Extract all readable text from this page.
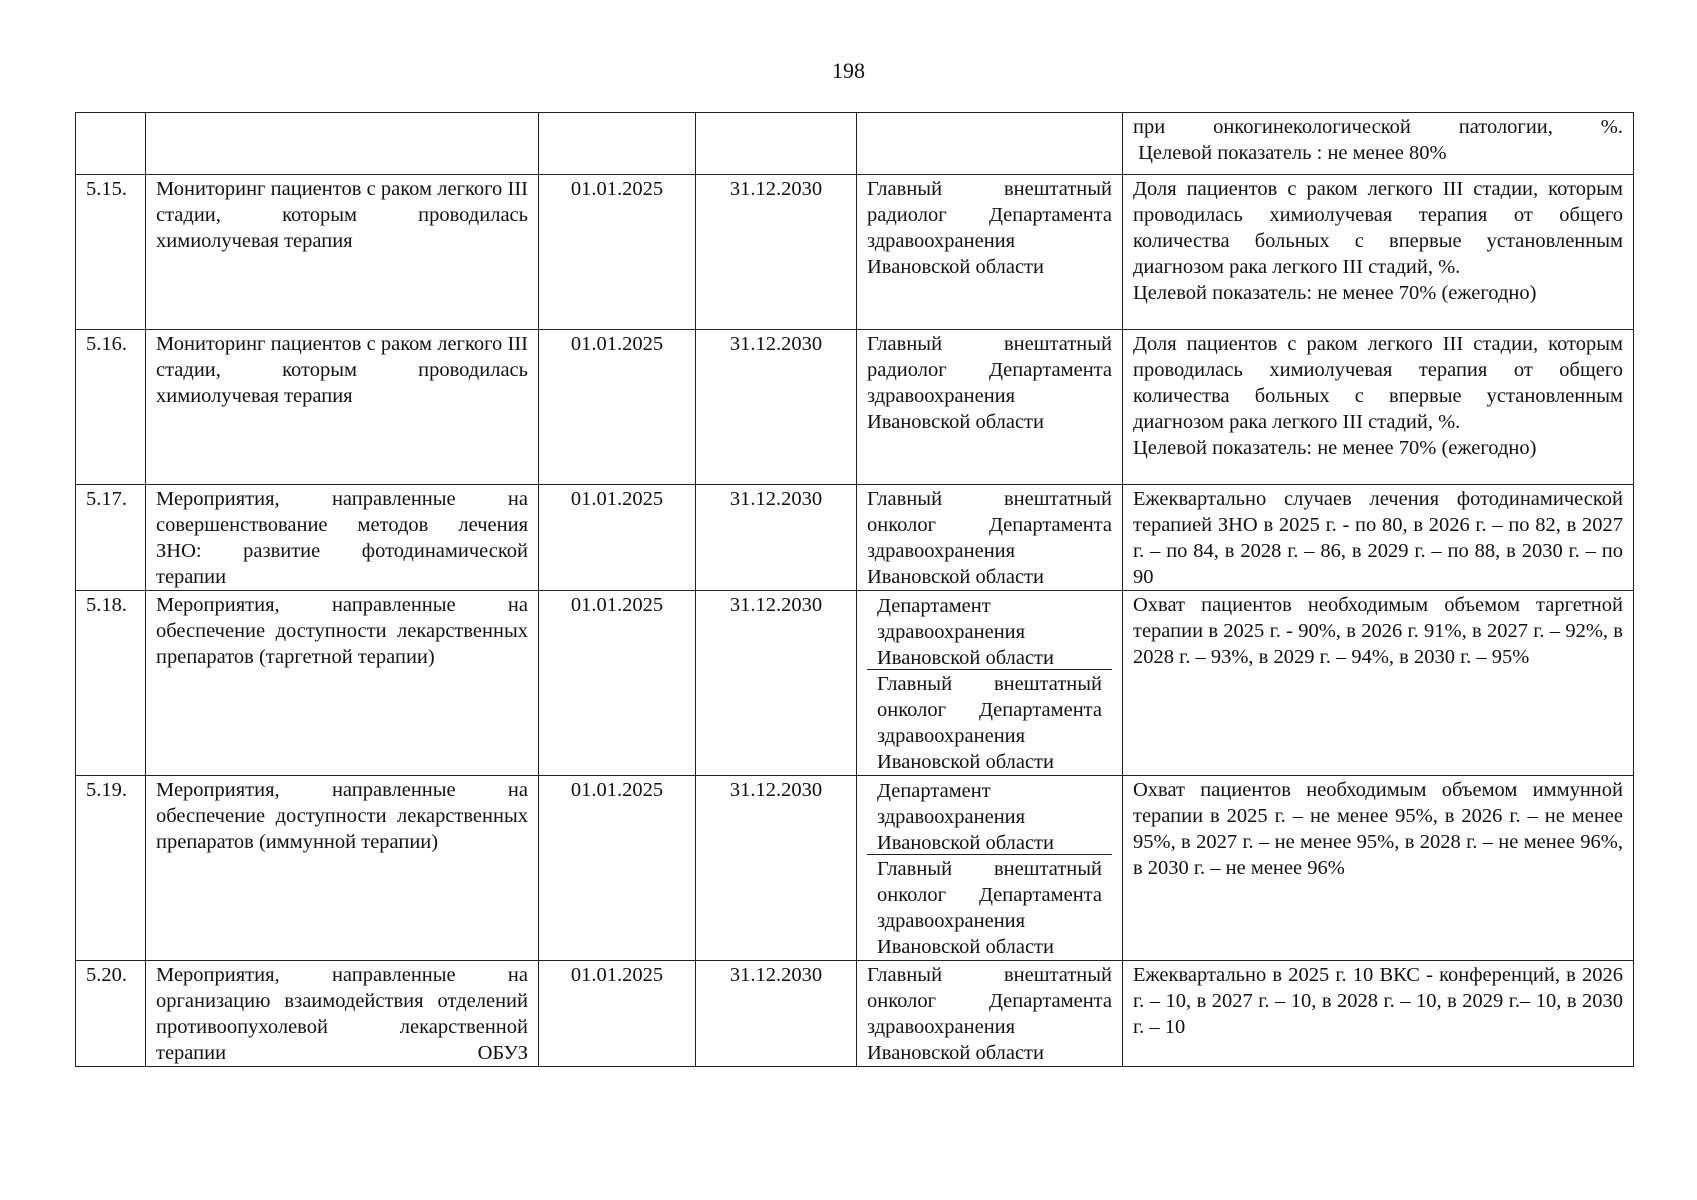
198

					при онкогинекологической патологии, %.
Целевой показатель : не менее 80%

5.15.	Мониторинг пациентов с раком легкого III стадии, которым проводилась химиолучевая терапия	01.01.2025	31.12.2030	Главный внештатный радиолог Департамента здравоохранения Ивановской области	Доля пациентов с раком легкого III стадии, которым проводилась химиолучевая терапия от общего количества больных с впервые установленным диагнозом рака легкого III стадий, %.
Целевой показатель: не менее 70% (ежегодно)

5.16.	Мониторинг пациентов с раком легкого III стадии, которым проводилась химиолучевая терапия	01.01.2025	31.12.2030	Главный внештатный радиолог Департамента здравоохранения Ивановской области	Доля пациентов с раком легкого III стадии, которым проводилась химиолучевая терапия от общего количества больных с впервые установленным диагнозом рака легкого III стадий, %.
Целевой показатель: не менее 70% (ежегодно)

5.17.	Мероприятия, направленные на совершенствование методов лечения ЗНО: развитие фотодинамической терапии	01.01.2025	31.12.2030	Главный внештатный онколог Департамента здравоохранения Ивановской области	Ежеквартально случаев лечения фотодинамической терапией ЗНО в 2025 г. - по 80, в 2026 г. – по 82, в 2027 г. – по 84, в 2028 г. – 86, в 2029 г. – по 88, в 2030 г. – по 90
5.18.	Мероприятия, направленные на обеспечение доступности лекарственных препаратов (таргетной терапии)	01.01.2025	31.12.2030	Департамент здравоохранения Ивановской области
Главный внештатный онколог Департамента здравоохранения Ивановской области	Охват пациентов необходимым объемом таргетной терапии в 2025 г. - 90%, в 2026 г. 91%, в 2027 г. – 92%, в 2028 г. – 93%, в 2029 г. – 94%, в 2030 г. – 95%
5.19.	Мероприятия, направленные на обеспечение доступности лекарственных препаратов (иммунной терапии)	01.01.2025	31.12.2030	Департамент здравоохранения Ивановской области
Главный внештатный онколог Департамента здравоохранения Ивановской области	Охват пациентов необходимым объемом иммунной терапии в 2025 г. – не менее 95%, в 2026 г. – не менее 95%, в 2027 г. – не менее 95%, в 2028 г. – не менее 96%, в 2030 г. – не менее 96%
5.20.	Мероприятия, направленные на организацию взаимодействия отделений противоопухолевой лекарственной терапии ОБУЗ	01.01.2025	31.12.2030	Главный внештатный онколог Департамента здравоохранения Ивановской области	Ежеквартально в 2025 г. 10 ВКС - конференций, в 2026 г. – 10, в 2027 г. – 10, в 2028 г. – 10, в 2029 г.– 10, в 2030 г. – 10
